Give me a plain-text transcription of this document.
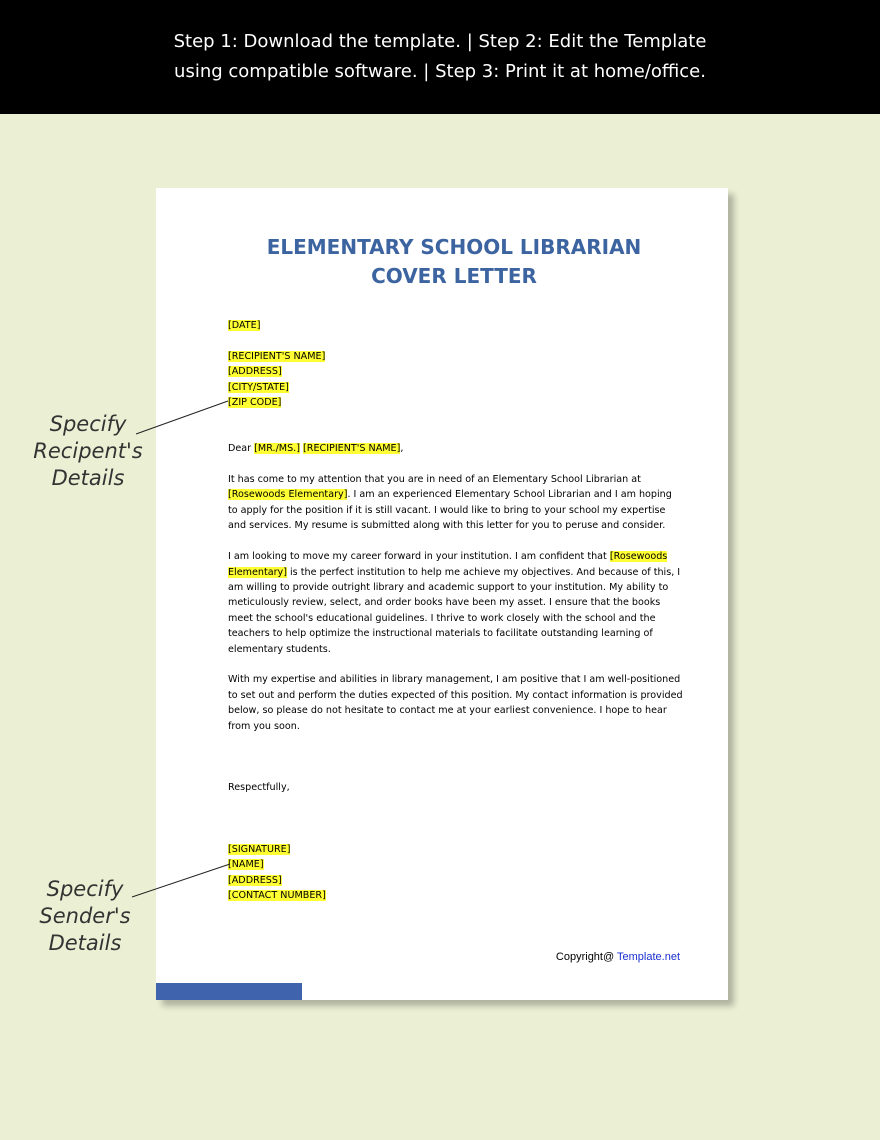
Step 1: Download the template. | Step 2: Edit the Template
using compatible software. | Step 3: Print it at home/office.
ELEMENTARY SCHOOL LIBRARIAN
COVER LETTER
[DATE]

[RECIPIENT'S NAME]
[ADDRESS]
[CITY/STATE]
[ZIP CODE]

Dear [MR./MS.] [RECIPIENT'S NAME],

It has come to my attention that you are in need of an Elementary School Librarian at [Rosewoods Elementary]. I am an experienced Elementary School Librarian and I am hoping to apply for the position if it is still vacant. I would like to bring to your school my expertise and services. My resume is submitted along with this letter for you to peruse and consider.

I am looking to move my career forward in your institution. I am confident that [Rosewoods Elementary] is the perfect institution to help me achieve my objectives. And because of this, I am willing to provide outright library and academic support to your institution. My ability to meticulously review, select, and order books have been my asset. I ensure that the books meet the school's educational guidelines. I thrive to work closely with the school and the teachers to help optimize the instructional materials to facilitate outstanding learning of elementary students.

With my expertise and abilities in library management, I am positive that I am well-positioned to set out and perform the duties expected of this position. My contact information is provided below, so please do not hesitate to contact me at your earliest convenience. I hope to hear from you soon.

Respectfully,

[SIGNATURE]
[NAME]
[ADDRESS]
[CONTACT NUMBER]
Copyright@ Template.net
Specify
Recipent's
Details
Specify
Sender's
Details
